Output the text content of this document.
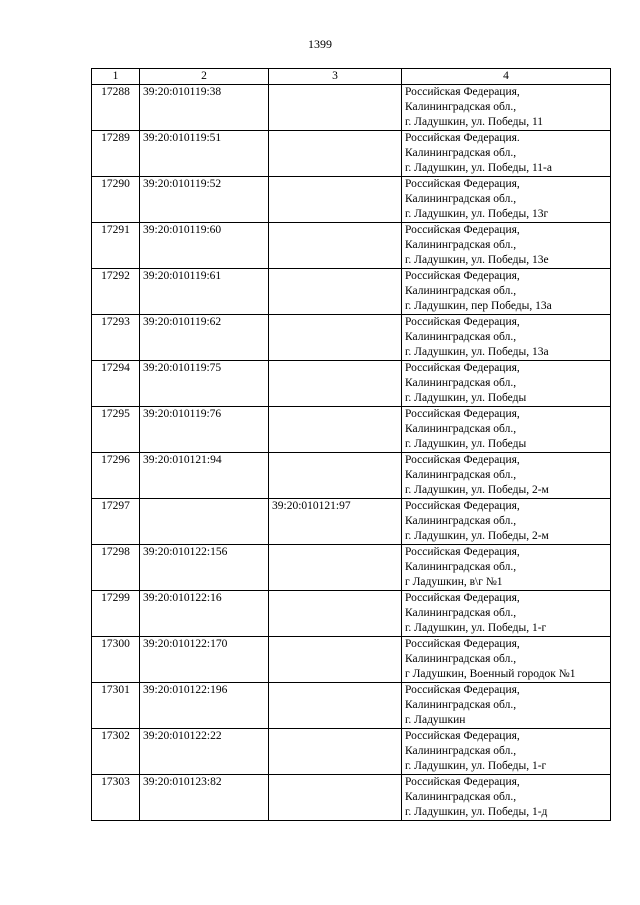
1399
1	2	3	4
17288	39:20:010119:38		Российская Федерация,
Калининградская обл.,
г. Ладушкин, ул. Победы, 11

17289	39:20:010119:51		Российская Федерация.
Калининградская обл.,
г. Ладушкин, ул. Победы, 11-а

17290	39:20:010119:52		Российская Федерация,
Калининградская обл.,
г. Ладушкин, ул. Победы, 13г

17291	39:20:010119:60		Российская Федерация,
Калининградская обл.,
г. Ладушкин, ул. Победы, 13е

17292	39:20:010119:61		Российская Федерация,
Калининградская обл.,
г. Ладушкин, пер Победы, 13а

17293	39:20:010119:62		Российская Федерация,
Калининградская обл.,
г. Ладушкин, ул. Победы, 13а

17294	39:20:010119:75		Российская Федерация,
Калининградская обл.,
г. Ладушкин, ул. Победы

17295	39:20:010119:76		Российская Федерация,
Калининградская обл.,
г. Ладушкин, ул. Победы

17296	39:20:010121:94		Российская Федерация,
Калининградская обл.,
г. Ладушкин, ул. Победы, 2-м

17297		39:20:010121:97	Российская Федерация,
Калининградская обл.,
г. Ладушкин, ул. Победы, 2-м

17298	39:20:010122:156		Российская Федерация,
Калининградская обл.,
г Ладушкин, в\г №1

17299	39:20:010122:16		Российская Федерация,
Калининградская обл.,
г. Ладушкин, ул. Победы, 1-г

17300	39:20:010122:170		Российская Федерация,
Калининградская обл.,
г Ладушкин, Военный городок №1

17301	39:20:010122:196		Российская Федерация,
Калининградская обл.,
г. Ладушкин

17302	39:20:010122:22		Российская Федерация,
Калининградская обл.,
г. Ладушкин, ул. Победы, 1-г

17303	39:20:010123:82		Российская Федерация,
Калининградская обл.,
г. Ладушкин, ул. Победы, 1-д
